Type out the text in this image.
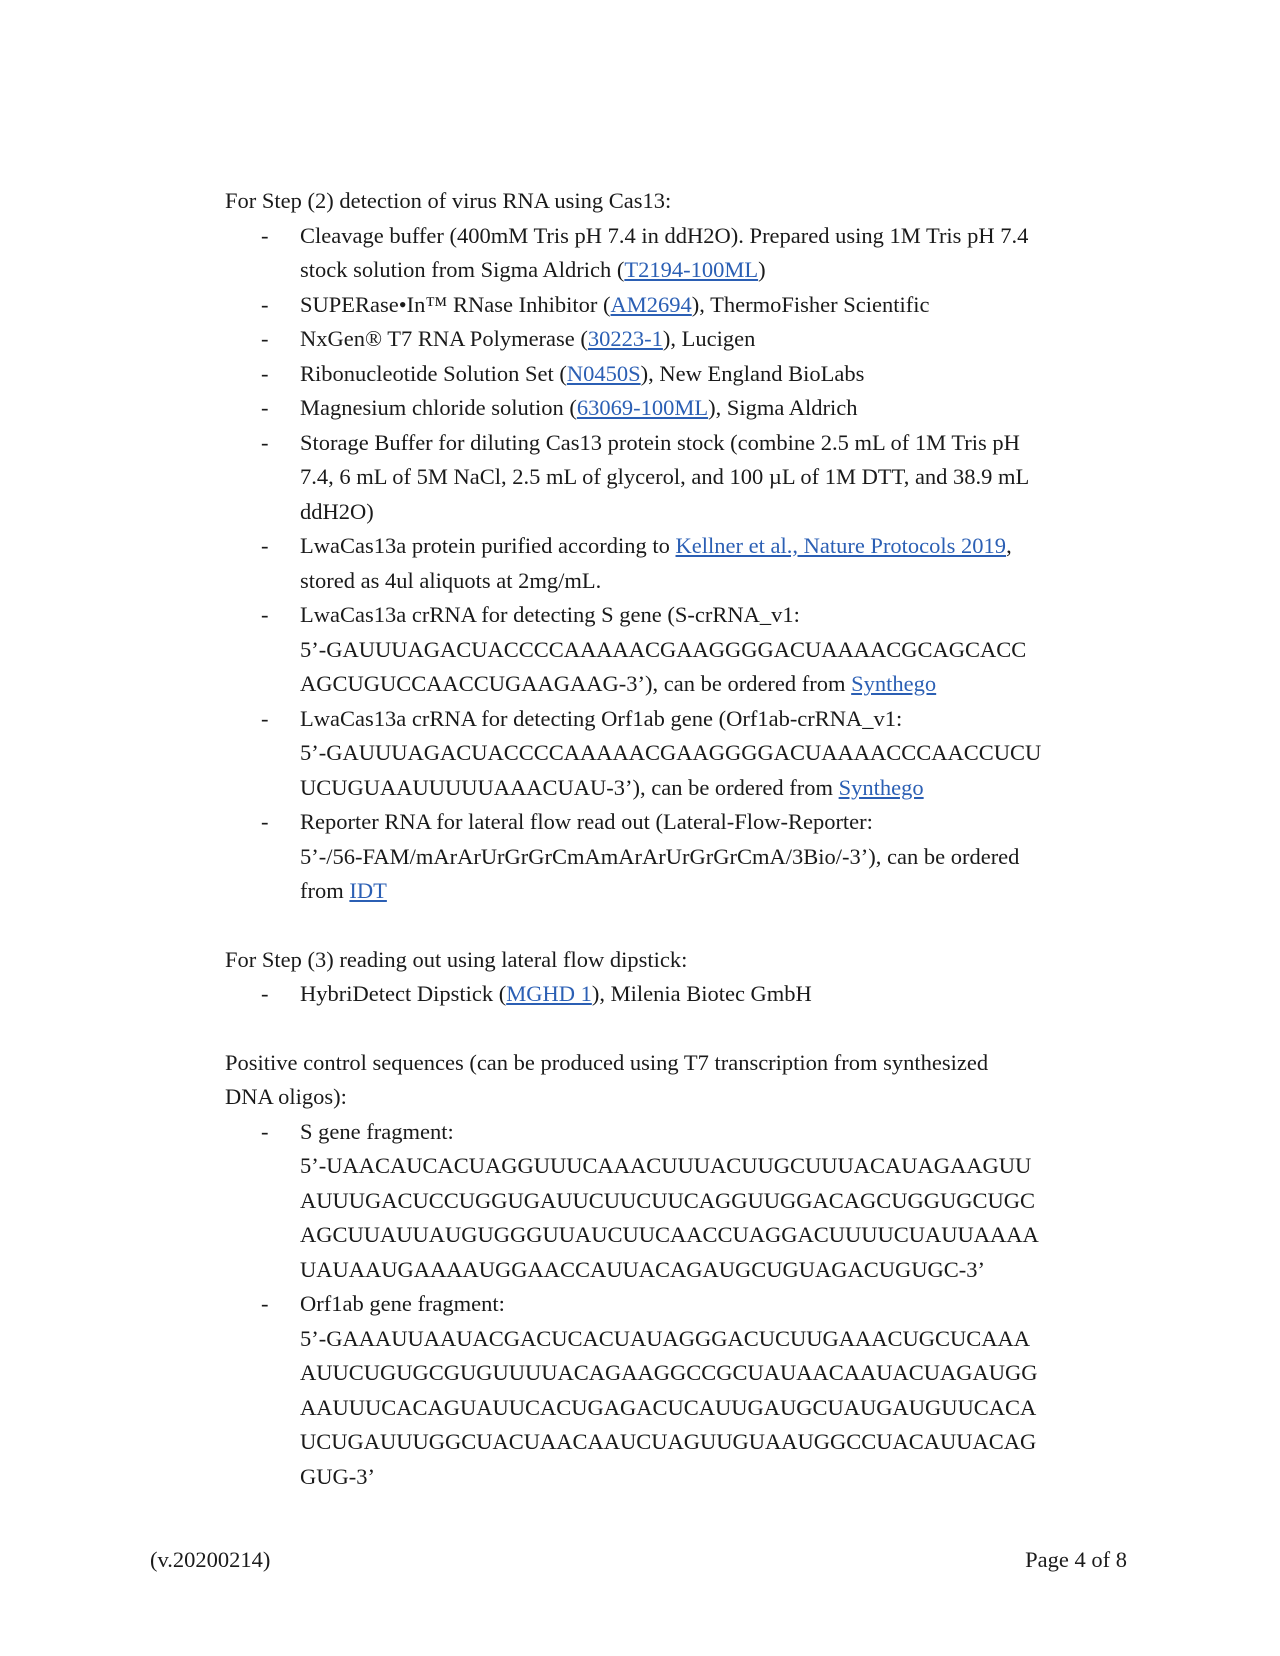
For Step (2) detection of virus RNA using Cas13:

- Cleavage buffer (400mM Tris pH 7.4 in ddH2O). Prepared using 1M Tris pH 7.4
stock solution from Sigma Aldrich (T2194-100ML)
- SUPERase•In™ RNase Inhibitor (AM2694), ThermoFisher Scientific
- NxGen® T7 RNA Polymerase (30223-1), Lucigen
- Ribonucleotide Solution Set (N0450S), New England BioLabs
- Magnesium chloride solution (63069-100ML), Sigma Aldrich
- Storage Buffer for diluting Cas13 protein stock (combine 2.5 mL of 1M Tris pH
7.4, 6 mL of 5M NaCl, 2.5 mL of glycerol, and 100 µL of 1M DTT, and 38.9 mL
ddH2O)
- LwaCas13a protein purified according to Kellner et al., Nature Protocols 2019,
stored as 4ul aliquots at 2mg/mL.
- LwaCas13a crRNA for detecting S gene (S-crRNA_v1:
5’-GAUUUAGACUACCCCAAAAACGAAGGGGACUAAAACGCAGCACC
AGCUGUCCAACCUGAAGAAG-3’), can be ordered from Synthego
- LwaCas13a crRNA for detecting Orf1ab gene (Orf1ab-crRNA_v1:
5’-GAUUUAGACUACCCCAAAAACGAAGGGGACUAAAACCCAACCUCU
UCUGUAAUUUUUAAACUAU-3’), can be ordered from Synthego
- Reporter RNA for lateral flow read out (Lateral-Flow-Reporter:
5’-/56-FAM/mArArUrGrGrCmAmArArUrGrGrCmA/3Bio/-3’), can be ordered
from IDT

For Step (3) reading out using lateral flow dipstick:

- HybriDetect Dipstick (MGHD 1), Milenia Biotec GmbH

Positive control sequences (can be produced using T7 transcription from synthesized
DNA oligos):

- S gene fragment:
5’-UAACAUCACUAGGUUUCAAACUUUACUUGCUUUACAUAGAAGUU
AUUUGACUCCUGGUGAUUCUUCUUCAGGUUGGACAGCUGGUGCUGC
AGCUUAUUAUGUGGGUUAUCUUCAACCUAGGACUUUUCUAUUAAAA
UAUAAUGAAAAUGGAACCAUUACAGAUGCUGUAGACUGUGC-3’
- Orf1ab gene fragment:
5’-GAAAUUAAUACGACUCACUAUAGGGACUCUUGAAACUGCUCAAA
AUUCUGUGCGUGUUUUACAGAAGGCCGCUAUAACAAUACUAGAUGG
AAUUUCACAGUAUUCACUGAGACUCAUUGAUGCUAUGAUGUUCACA
UCUGAUUUGGCUACUAACAAUCUAGUUGUAAUGGCCUACAUUACAG
GUG-3’
(v.20200214)	Page 4 of 8
